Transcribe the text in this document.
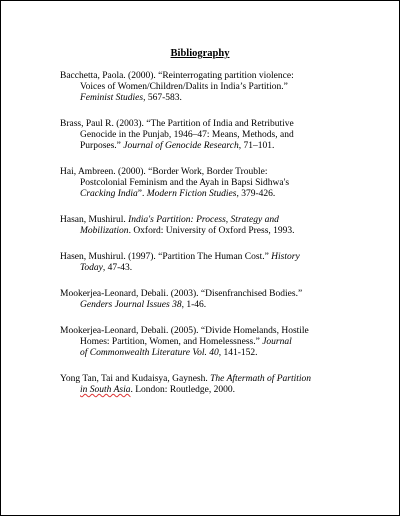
Bibliography
Bacchetta, Paola. (2000). “Reinterrogating partition violence:
Voices of Women/Children/Dalits in India’s Partition.”
Feminist Studies, 567-583.
Brass, Paul R. (2003). “The Partition of India and Retributive
Genocide in the Punjab, 1946–47: Means, Methods, and
Purposes.” Journal of Genocide Research, 71–101.
Hai, Ambreen. (2000). “Border Work, Border Trouble:
Postcolonial Feminism and the Ayah in Bapsi Sidhwa's
Cracking India”. Modern Fiction Studies, 379-426.
Hasan, Mushirul. India's Partition: Process, Strategy and
Mobilization. Oxford: University of Oxford Press, 1993.
Hasen, Mushirul. (1997). “Partition The Human Cost.” History
Today, 47-43.
Mookerjea-Leonard, Debali. (2003). “Disenfranchised Bodies.”
Genders Journal Issues 38, 1-46.
Mookerjea-Leonard, Debali. (2005). “Divide Homelands, Hostile
Homes: Partition, Women, and Homelessness.” Journal
of Commonwealth Literature Vol. 40, 141-152.
Yong Tan, Tai and Kudaisya, Gaynesh. The Aftermath of Partition
in South Asia. London: Routledge, 2000.
